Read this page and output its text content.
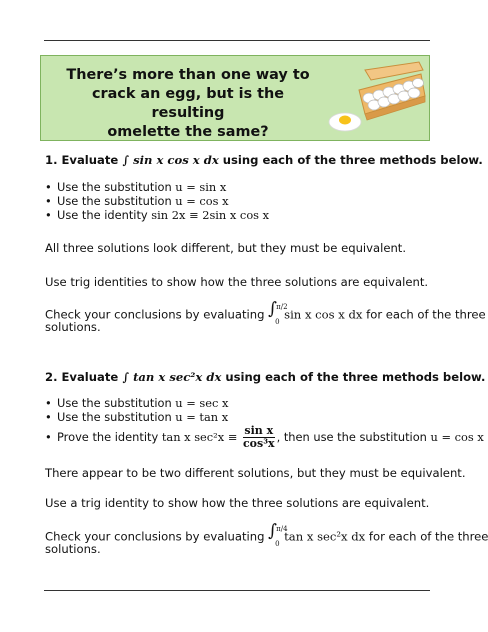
There’s more than one way to
crack an egg, but is the resulting
omelette the same?
1. Evaluate ∫ sin x cos x dx using each of the three methods below.
• Use the substitution u = sin x
• Use the substitution u = cos x
• Use the identity sin 2x ≡ 2sin x cos x
All three solutions look different, but they must be equivalent.
Use trig identities to show how the three solutions are equivalent.
Check your conclusions by evaluating ∫ π/2
0
sin x cos x dx for each of the three
solutions.
2. Evaluate ∫ tan x sec²x dx using each of the three methods below.
• Use the substitution u = sec x
• Use the substitution u = tan x
• Prove the identity tan x $\sec^2x \equiv \frac{\text{sin x}}{\text{cos³x}}$ , then use the substitution u = cos x
There appear to be two different solutions, but they must be equivalent.
Use a trig identity to show how the three solutions are equivalent.
Check your conclusions by evaluating ∫ π/4
0
tan x sec²x dx for each of the three
solutions.
